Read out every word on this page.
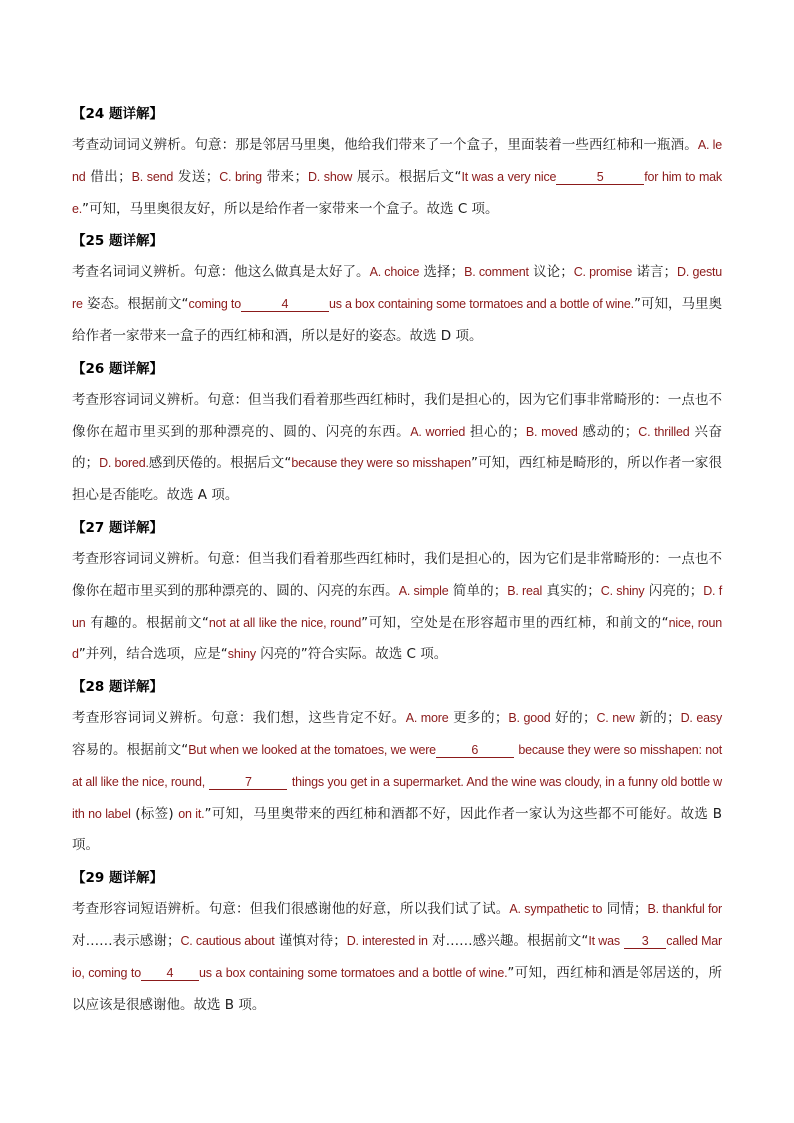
【24 题详解】

考查动词词义辨析。句意：那是邻居马里奥，他给我们带来了一个盒子，里面装着一些西红柿和一瓶酒。A. lend 借出；B. send 发送；C. bring 带来；D. show 展示。根据后文“It was a very nice	5	for him to make.”可知，马里奥很友好，所以是给作者一家带来一个盒子。故选 C 项。

【25 题详解】

考查名词词义辨析。句意：他这么做真是太好了。A. choice 选择；B. comment 议论；C. promise 诺言；D. gesture 姿态。根据前文“coming to	4	us a box containing some tormatoes and a bottle of wine.”可知，马里奥给作者一家带来一盒子的西红柿和酒，所以是好的姿态。故选 D 项。

【26 题详解】

考查形容词词义辨析。句意：但当我们看着那些西红柿时，我们是担心的，因为它们事非常畸形的：一点也不像你在超市里买到的那种漂亮的、圆的、闪亮的东西。A. worried 担心的；B. moved 感动的；C. thrilled 兴奋的；D. bored.感到厌倦的。根据后文“because they were so misshapen”可知，西红柿是畸形的，所以作者一家很担心是否能吃。故选 A 项。

【27 题详解】

考查形容词词义辨析。句意：但当我们看着那些西红柿时，我们是担心的，因为它们是非常畸形的：一点也不像你在超市里买到的那种漂亮的、圆的、闪亮的东西。A. simple 简单的；B. real 真实的；C. shiny 闪亮的；D. fun 有趣的。根据前文“not at all like the nice, round”可知，空处是在形容超市里的西红柿，和前文的“nice, round”并列，结合选项，应是“shiny 闪亮的”符合实际。故选 C 项。

【28 题详解】

考查形容词词义辨析。句意：我们想，这些肯定不好。A. more 更多的；B. good 好的；C. new 新的；D. easy 容易的。根据前文“But when we looked at the tomatoes, we were	6	because they were so misshapen: not at all like the nice, round,	7	things you get in a supermarket. And the wine was cloudy, in a funny old bottle with no label (标签) on it.”可知，马里奥带来的西红柿和酒都不好，因此作者一家认为这些都不可能好。故选 B 项。

【29 题详解】

考查形容词短语辨析。句意：但我们很感谢他的好意，所以我们试了试。A. sympathetic to 同情；B. thankful for 对……表示感谢；C. cautious about 谨慎对待；D. interested in 对……感兴趣。根据前文“It was 3 called Mario, coming to 4 us a box containing some tormatoes and a bottle of wine.”可知，西红柿和酒是邻居送的，所以应该是很感谢他。故选 B 项。
